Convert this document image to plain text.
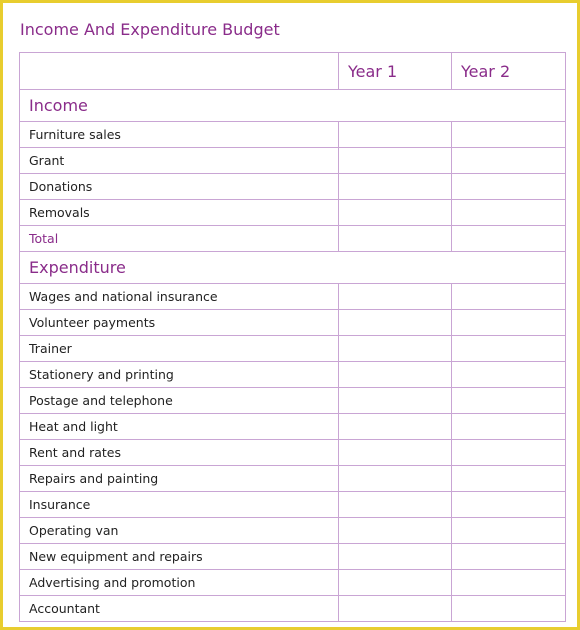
Income And Expenditure Budget
	Year 1	Year 2
Income		
Furniture sales		
Grant		
Donations		
Removals		
Total		
Expenditure		
Wages and national insurance		
Volunteer payments		
Trainer		
Stationery and printing		
Postage and telephone		
Heat and light		
Rent and rates		
Repairs and painting		
Insurance		
Operating van		
New equipment and repairs		
Advertising and promotion		
Accountant		
